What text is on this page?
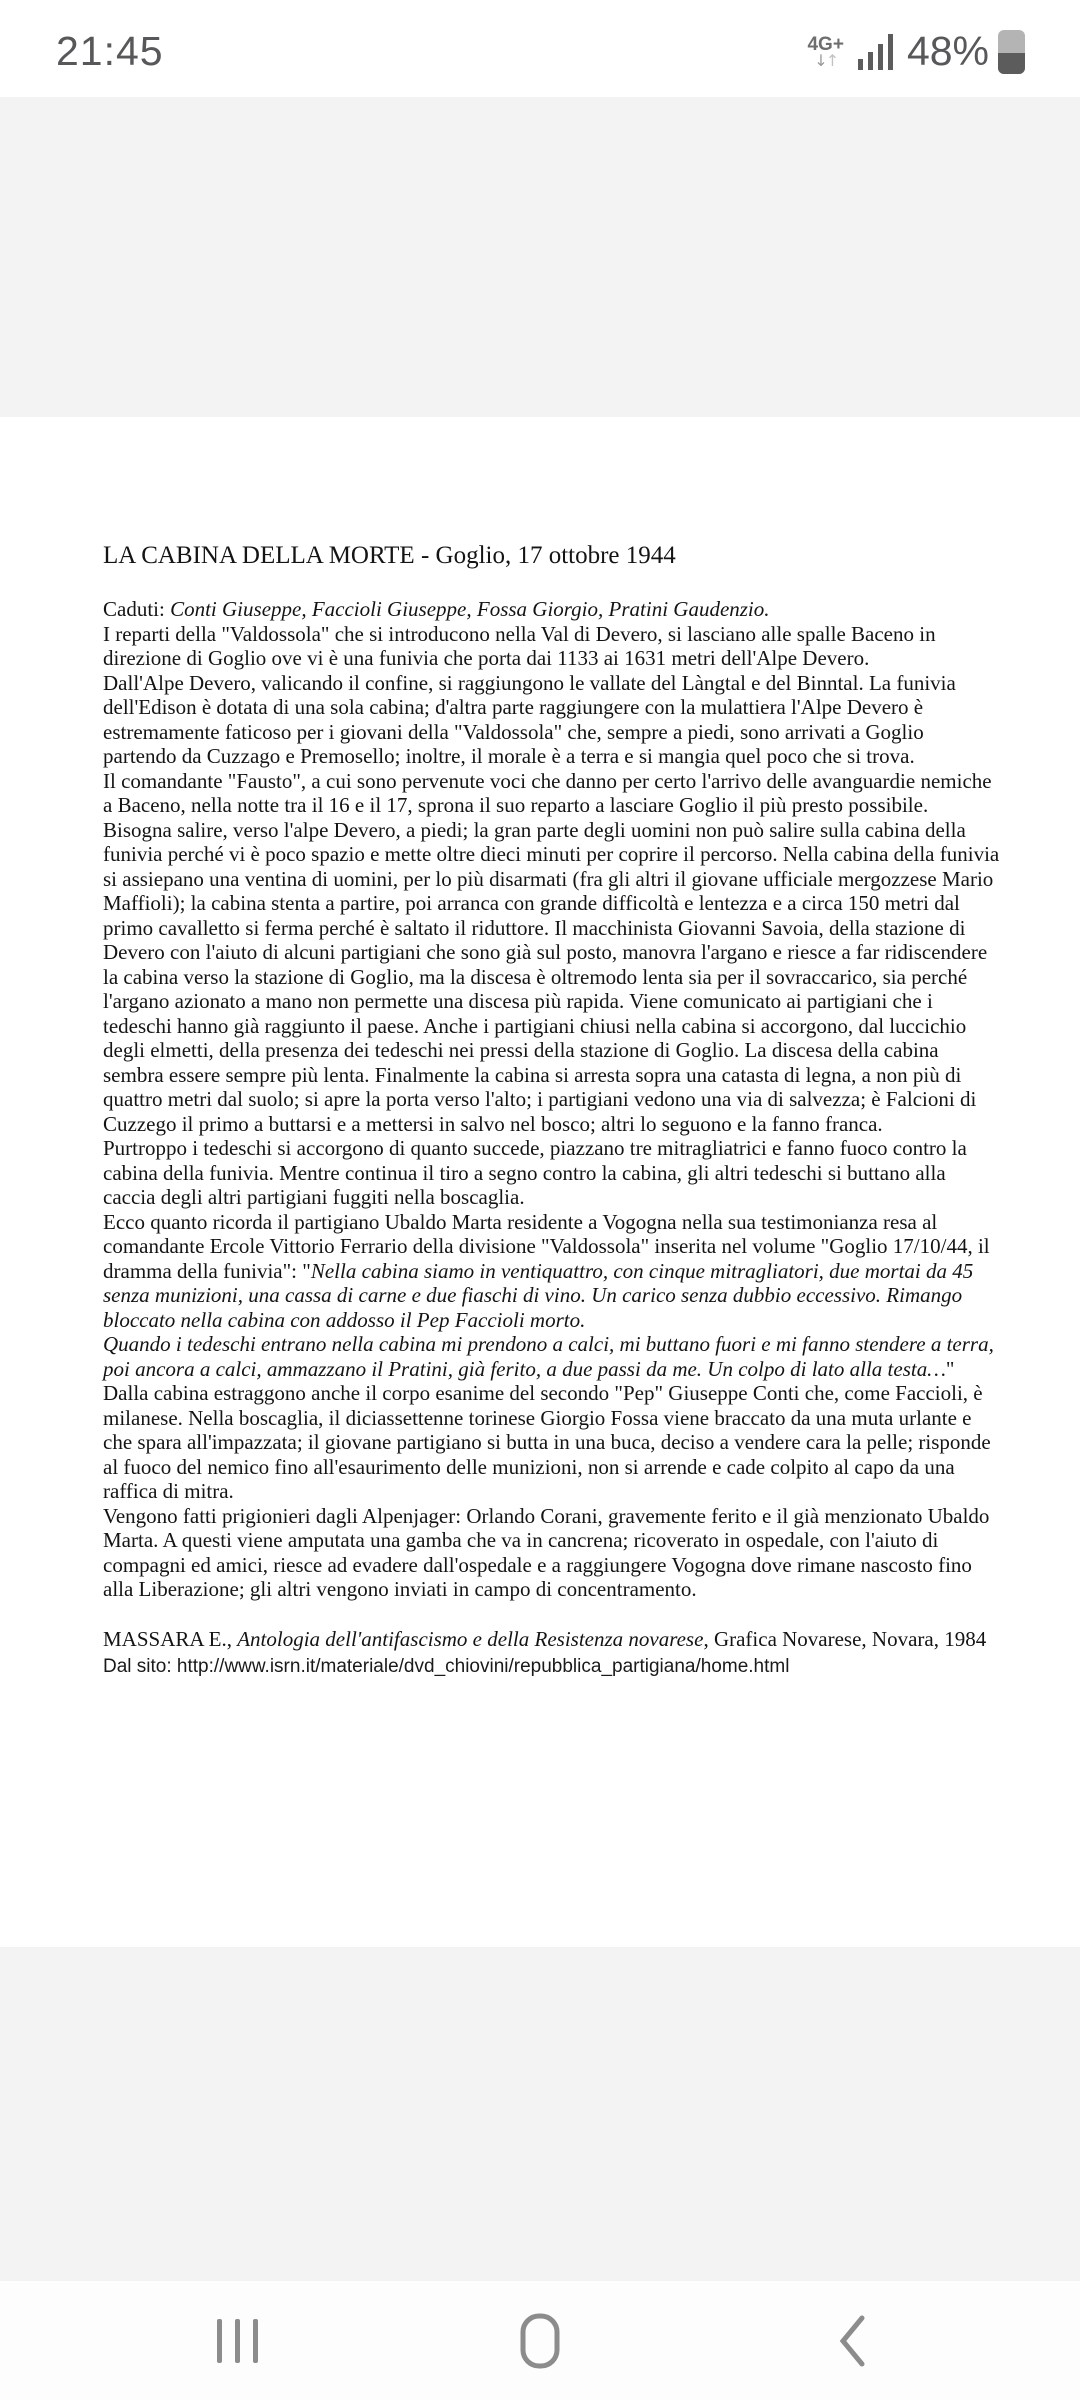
21:45	4G+
↓↑ 48%
LA CABINA DELLA MORTE - Goglio, 17 ottobre 1944

Caduti: Conti Giuseppe, Faccioli Giuseppe, Fossa Giorgio, Pratini Gaudenzio.

I reparti della "Valdossola" che si introducono nella Val di Devero, si lasciano alle spalle Baceno in direzione di Goglio ove vi è una funivia che porta dai 1133 ai 1631 metri dell'Alpe Devero.

Dall'Alpe Devero, valicando il confine, si raggiungono le vallate del Làngtal e del Binntal. La funivia dell'Edison è dotata di una sola cabina; d'altra parte raggiungere con la mulattiera l'Alpe Devero è estremamente faticoso per i giovani della "Valdossola" che, sempre a piedi, sono arrivati a Goglio partendo da Cuzzago e Premosello; inoltre, il morale è a terra e si mangia quel poco che si trova.

Il comandante "Fausto", a cui sono pervenute voci che danno per certo l'arrivo delle avanguardie nemiche a Baceno, nella notte tra il 16 e il 17, sprona il suo reparto a lasciare Goglio il più presto possibile. Bisogna salire, verso l'alpe Devero, a piedi; la gran parte degli uomini non può salire sulla cabina della funivia perché vi è poco spazio e mette oltre dieci minuti per coprire il percorso. Nella cabina della funivia si assiepano una ventina di uomini, per lo più disarmati (fra gli altri il giovane ufficiale mergozzese Mario Maffioli); la cabina stenta a partire, poi arranca con grande difficoltà e lentezza e a circa 150 metri dal primo cavalletto si ferma perché è saltato il riduttore. Il macchinista Giovanni Savoia, della stazione di Devero con l'aiuto di alcuni partigiani che sono già sul posto, manovra l'argano e riesce a far ridiscendere la cabina verso la stazione di Goglio, ma la discesa è oltremodo lenta sia per il sovraccarico, sia perché l'argano azionato a mano non permette una discesa più rapida. Viene comunicato ai partigiani che i tedeschi hanno già raggiunto il paese. Anche i partigiani chiusi nella cabina si accorgono, dal luccichio degli elmetti, della presenza dei tedeschi nei pressi della stazione di Goglio. La discesa della cabina sembra essere sempre più lenta. Finalmente la cabina si arresta sopra una catasta di legna, a non più di quattro metri dal suolo; si apre la porta verso l'alto; i partigiani vedono una via di salvezza; è Falcioni di Cuzzego il primo a buttarsi e a mettersi in salvo nel bosco; altri lo seguono e la fanno franca.

Purtroppo i tedeschi si accorgono di quanto succede, piazzano tre mitragliatrici e fanno fuoco contro la cabina della funivia. Mentre continua il tiro a segno contro la cabina, gli altri tedeschi si buttano alla caccia degli altri partigiani fuggiti nella boscaglia.

Ecco quanto ricorda il partigiano Ubaldo Marta residente a Vogogna nella sua testimonianza resa al comandante Ercole Vittorio Ferrario della divisione "Valdossola" inserita nel volume "Goglio 17/10/44, il dramma della funivia": "Nella cabina siamo in ventiquattro, con cinque mitragliatori, due mortai da 45 senza munizioni, una cassa di carne e due fiaschi di vino. Un carico senza dubbio eccessivo. Rimango bloccato nella cabina con addosso il Pep Faccioli morto.

Quando i tedeschi entrano nella cabina mi prendono a calci, mi buttano fuori e mi fanno stendere a terra, poi ancora a calci, ammazzano il Pratini, già ferito, a due passi da me. Un colpo di lato alla testa…"

Dalla cabina estraggono anche il corpo esanime del secondo "Pep" Giuseppe Conti che, come Faccioli, è milanese. Nella boscaglia, il diciassettenne torinese Giorgio Fossa viene braccato da una muta urlante e che spara all'impazzata; il giovane partigiano si butta in una buca, deciso a vendere cara la pelle; risponde al fuoco del nemico fino all'esaurimento delle munizioni, non si arrende e cade colpito al capo da una raffica di mitra.

Vengono fatti prigionieri dagli Alpenjager: Orlando Corani, gravemente ferito e il già menzionato Ubaldo Marta. A questi viene amputata una gamba che va in cancrena; ricoverato in ospedale, con l'aiuto di compagni ed amici, riesce ad evadere dall'ospedale e a raggiungere Vogogna dove rimane nascosto fino alla Liberazione; gli altri vengono inviati in campo di concentramento.

MASSARA E., Antologia dell'antifascismo e della Resistenza novarese, Grafica Novarese, Novara, 1984

Dal sito: http://www.isrn.it/materiale/dvd_chiovini/repubblica_partigiana/home.html
